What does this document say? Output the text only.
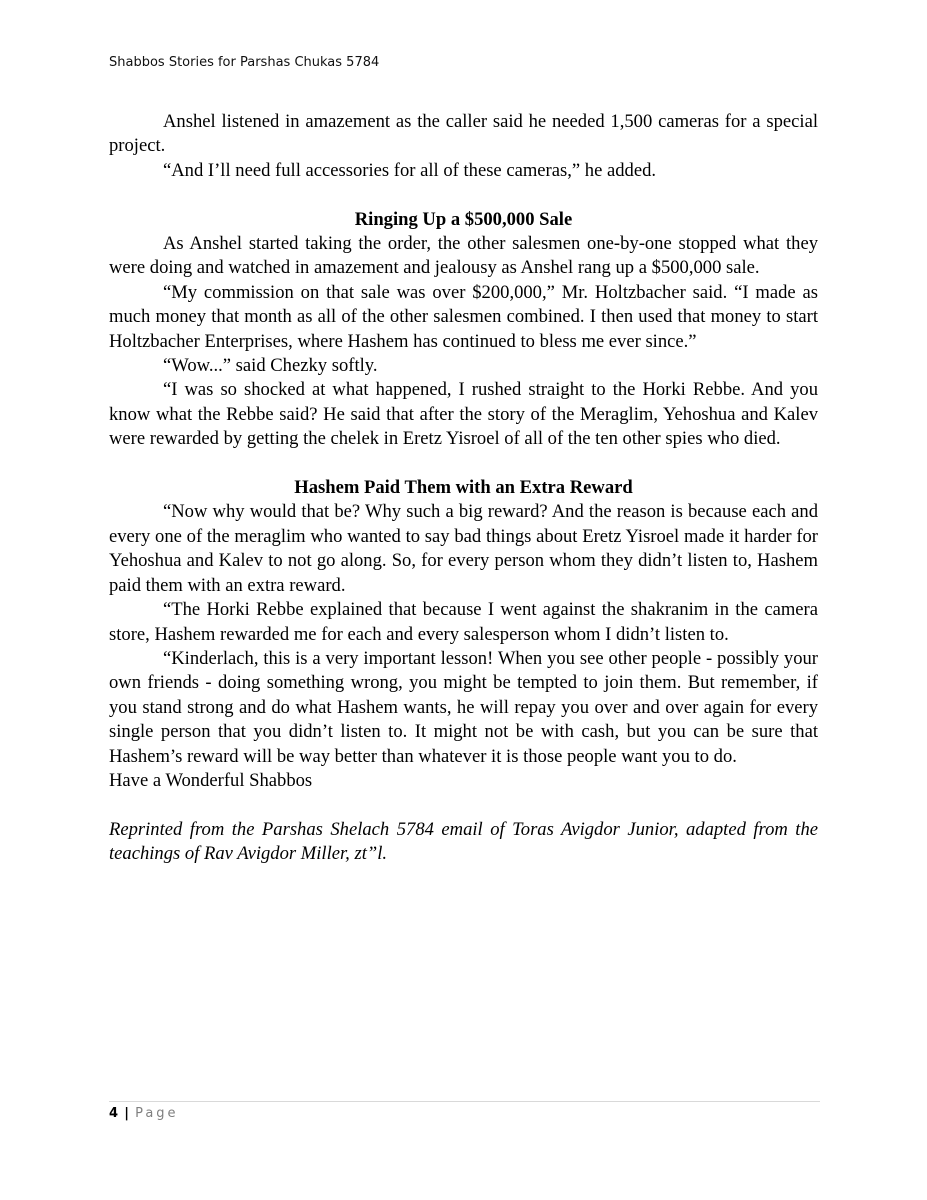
Shabbos Stories for Parshas Chukas 5784

Anshel listened in amazement as the caller said he needed 1,500 cameras for a special project.

“And I’ll need full accessories for all of these cameras,” he added.

Ringing Up a $500,000 Sale

As Anshel started taking the order, the other salesmen one-by-one stopped what they were doing and watched in amazement and jealousy as Anshel rang up a $500,000 sale.

“My commission on that sale was over $200,000,” Mr. Holtzbacher said. “I made as much money that month as all of the other salesmen combined. I then used that money to start Holtzbacher Enterprises, where Hashem has continued to bless me ever since.”

“Wow...” said Chezky softly.

“I was so shocked at what happened, I rushed straight to the Horki Rebbe. And you know what the Rebbe said? He said that after the story of the Meraglim, Yehoshua and Kalev were rewarded by getting the chelek in Eretz Yisroel of all of the ten other spies who died.

Hashem Paid Them with an Extra Reward

“Now why would that be? Why such a big reward? And the reason is because each and every one of the meraglim who wanted to say bad things about Eretz Yisroel made it harder for Yehoshua and Kalev to not go along. So, for every person whom they didn’t listen to, Hashem paid them with an extra reward.

“The Horki Rebbe explained that because I went against the shakranim in the camera store, Hashem rewarded me for each and every salesperson whom I didn’t listen to.

“Kinderlach, this is a very important lesson! When you see other people - possibly your own friends - doing something wrong, you might be tempted to join them. But remember, if you stand strong and do what Hashem wants, he will repay you over and over again for every single person that you didn’t listen to. It might not be with cash, but you can be sure that Hashem’s reward will be way better than whatever it is those people want you to do.

Have a Wonderful Shabbos

Reprinted from the Parshas Shelach 5784 email of Toras Avigdor Junior, adapted from the teachings of Rav Avigdor Miller, zt”l.

4 | Page
